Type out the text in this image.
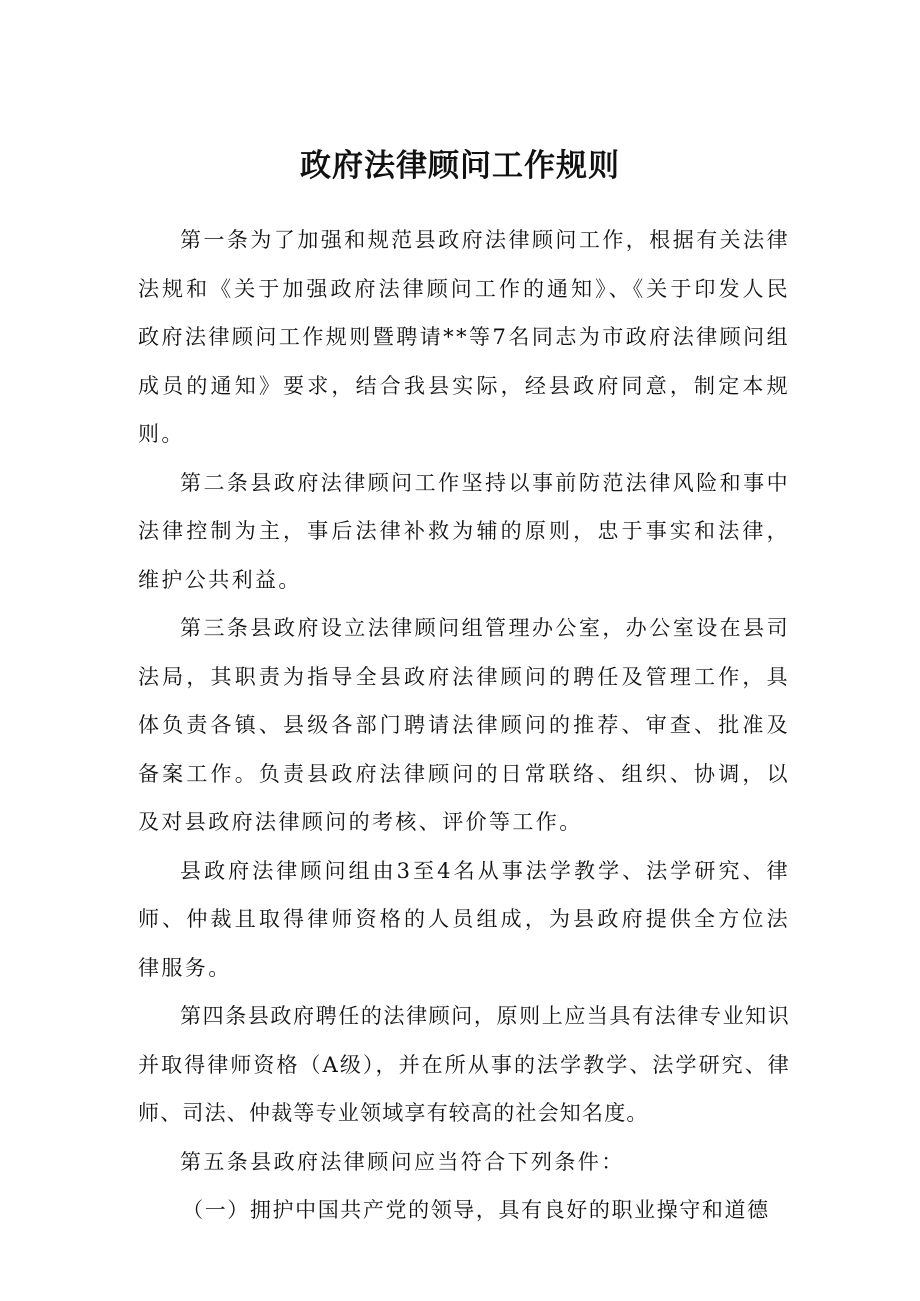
政府法律顾问工作规则

第一条为了加强和规范县政府法律顾问工作，根据有关法律法规和《关于加强政府法律顾问工作的通知》、《关于印发人民政府法律顾问工作规则暨聘请**等7名同志为市政府法律顾问组成员的通知》要求，结合我县实际，经县政府同意，制定本规则。

第二条县政府法律顾问工作坚持以事前防范法律风险和事中法律控制为主，事后法律补救为辅的原则，忠于事实和法律，维护公共利益。

第三条县政府设立法律顾问组管理办公室，办公室设在县司法局，其职责为指导全县政府法律顾问的聘任及管理工作，具体负责各镇、县级各部门聘请法律顾问的推荐、审查、批准及备案工作。负责县政府法律顾问的日常联络、组织、协调，以及对县政府法律顾问的考核、评价等工作。

县政府法律顾问组由3至4名从事法学教学、法学研究、律师、仲裁且取得律师资格的人员组成，为县政府提供全方位法律服务。

第四条县政府聘任的法律顾问，原则上应当具有法律专业知识并取得律师资格（A级），并在所从事的法学教学、法学研究、律师、司法、仲裁等专业领域享有较高的社会知名度。

第五条县政府法律顾问应当符合下列条件：

（一）拥护中国共产党的领导，具有良好的职业操守和道德
